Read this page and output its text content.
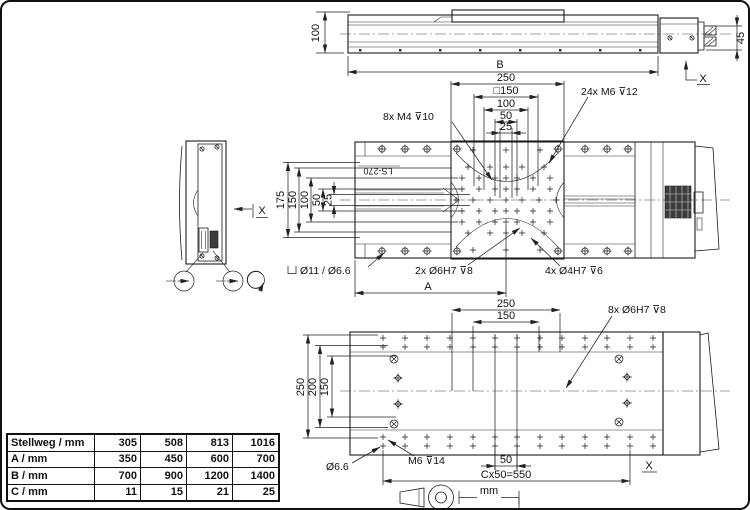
100	45
B
X
X
LS-270
250
□150
100
50
25
8x M4 ⊽10
24x M6 ⊽12
175 150 100 50 25
Ø11 / Ø6.6	2x Ø6H7 ⊽8	4x Ø4H7 ⊽6
A
250
150	8x Ø6H7 ⊽8
250 200 150
Ø6.6	M6 ⊽14	50
Cx50=550
X
mm
Stellweg / mm	305	508	813	1016
A / mm	350	450	600	700
B / mm	700	900	1200	1400
C / mm	11	15	21	25
